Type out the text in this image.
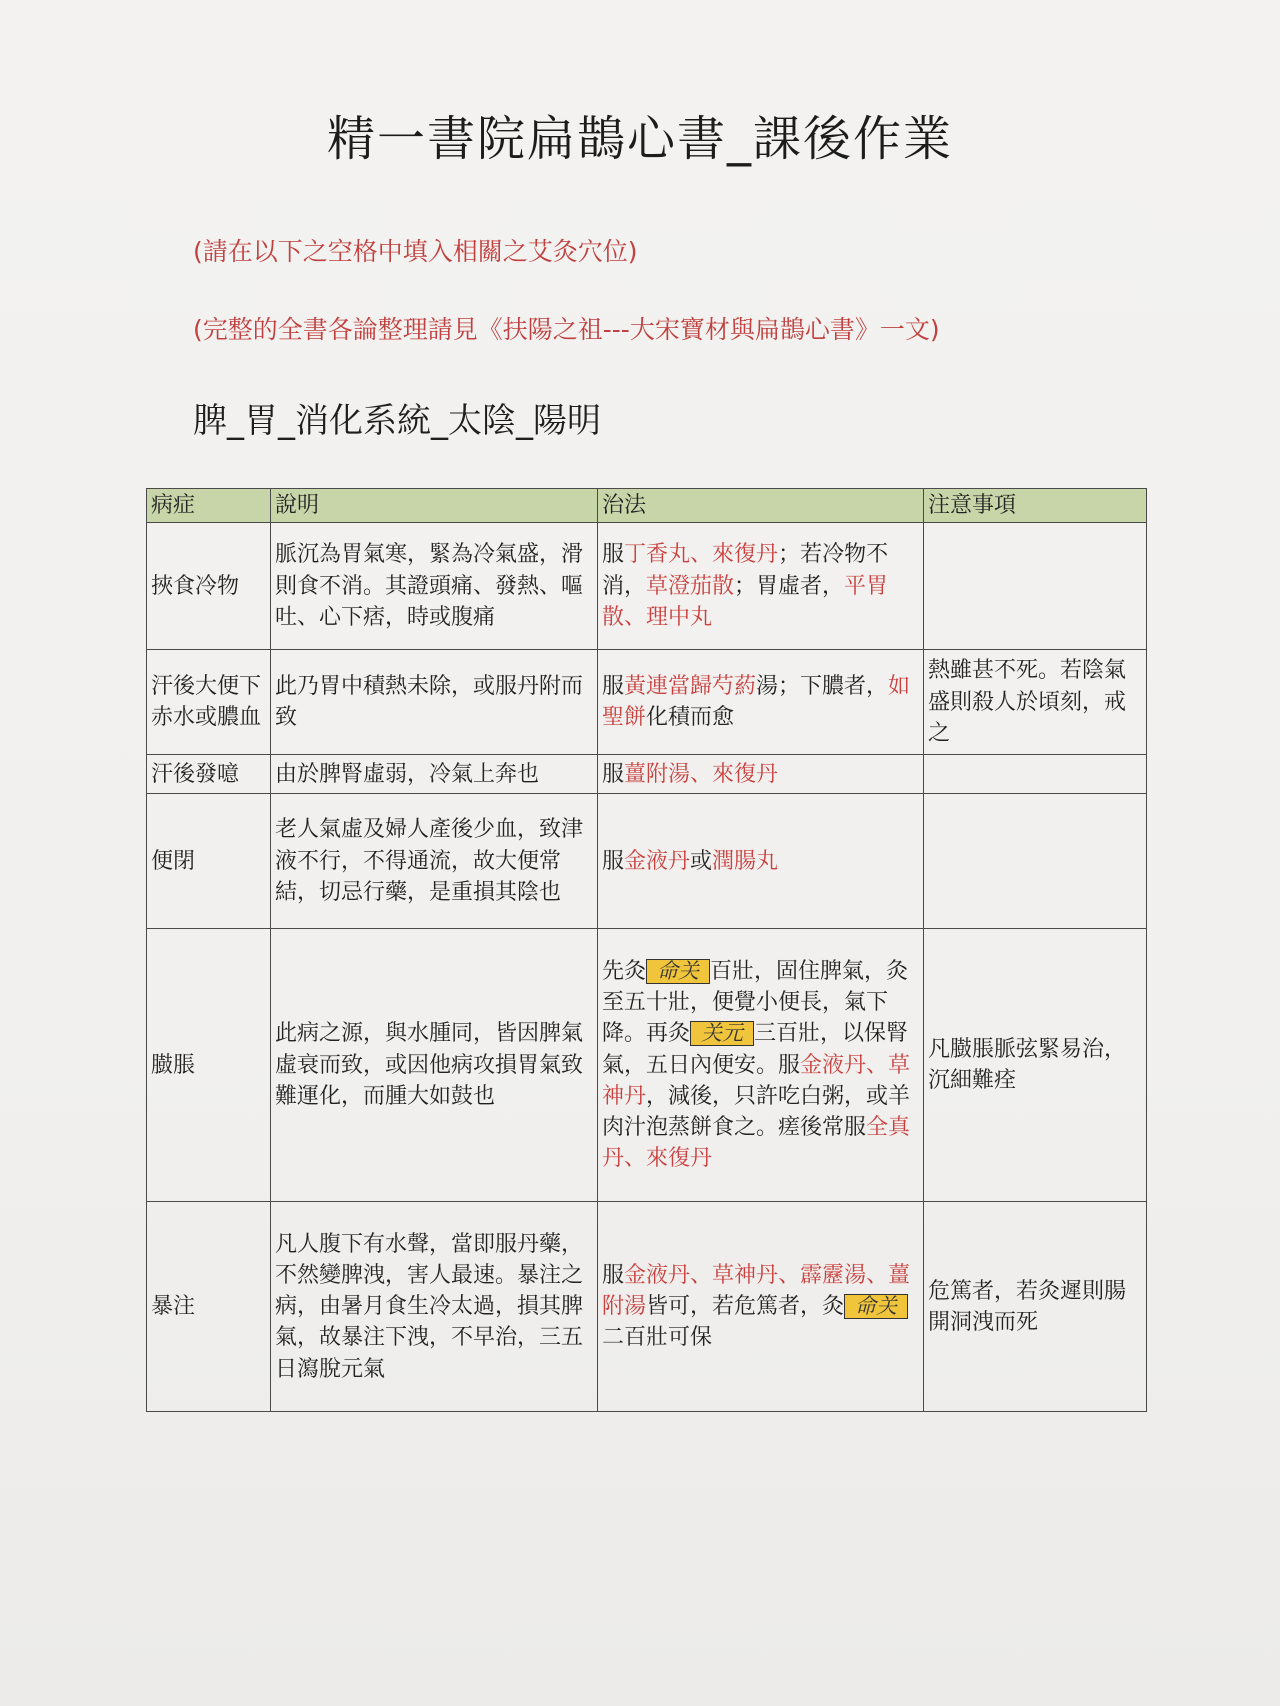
精一書院扁鵲心書_課後作業
(請在以下之空格中填入相關之艾灸穴位)
(完整的全書各論整理請見《扶陽之祖---大宋寶材與扁鵲心書》一文)
脾_胃_消化系統_太陰_陽明
病症	說明	治法	注意事項
挾食冷物	脈沉為胃氣寒，緊為冷氣盛，滑則食不消。其證頭痛、發熱、嘔吐、心下痞，時或腹痛	服丁香丸、來復丹；若冷物不消，草澄茄散；胃虛者，平胃散、理中丸	
汗後大便下赤水或膿血	此乃胃中積熱未除，或服丹附而致	服黃連當歸芍葯湯；下膿者，如聖餅化積而愈	熱雖甚不死。若陰氣盛則殺人於頃刻，戒之
汗後發噫	由於脾腎虛弱，冷氣上奔也	服薑附湯、來復丹	
便閉	老人氣虛及婦人產後少血，致津液不行，不得通流，故大便常結，切忌行藥，是重損其陰也	服金液丹或潤腸丸	
臌脹	此病之源，與水腫同，皆因脾氣虛衰而致，或因他病攻損胃氣致難運化，而腫大如鼓也	先灸 命关 百壯，固住脾氣，灸至五十壯，便覺小便長，氣下降。再灸 关元 三百壯，以保腎氣，五日內便安。服金液丹、草神丹，減後，只許吃白粥，或羊肉汁泡蒸餅食之。瘥後常服全真丹、來復丹	凡臌脹脈弦緊易治，沉細難痊
暴注	凡人腹下有水聲，當即服丹藥，不然變脾洩，害人最速。暴注之病，由暑月食生冷太過，損其脾氣，故暴注下洩，不早治，三五日瀉脫元氣	服金液丹、草神丹、霹靂湯、薑附湯皆可，若危篤者，灸 命关二百壯可保	危篤者，若灸遲則腸開洞洩而死
